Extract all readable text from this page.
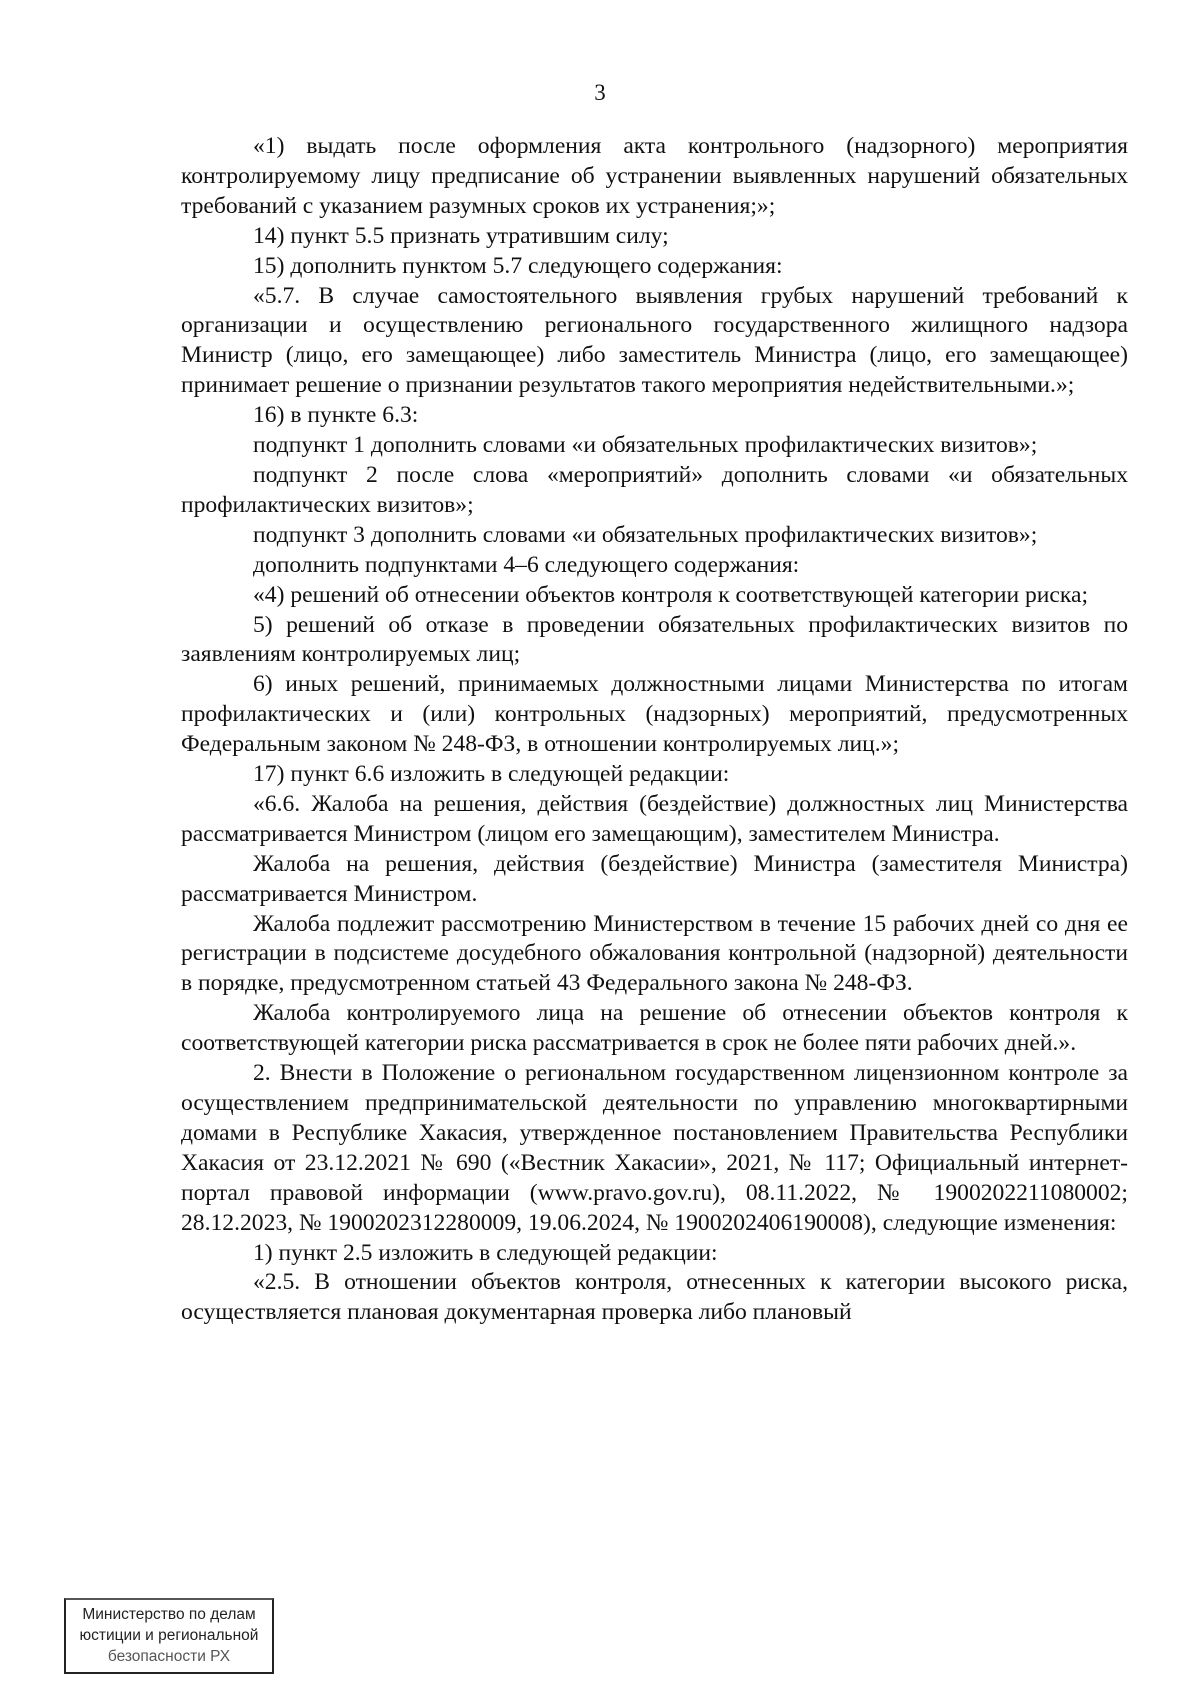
3

«1) выдать после оформления акта контрольного (надзорного) мероприятия контролируемому лицу предписание об устранении выявленных нарушений обязательных требований с указанием разумных сроков их устранения;»;

14) пункт 5.5 признать утратившим силу;

15) дополнить пунктом 5.7 следующего содержания:

«5.7. В случае самостоятельного выявления грубых нарушений требований к организации и осуществлению регионального государственного жилищного надзора Министр (лицо, его замещающее) либо заместитель Министра (лицо, его замещающее) принимает решение о признании результатов такого мероприятия недействительными.»;

16) в пункте 6.3:

подпункт 1 дополнить словами «и обязательных профилактических визитов»;

подпункт 2 после слова «мероприятий» дополнить словами «и обязательных профилактических визитов»;

подпункт 3 дополнить словами «и обязательных профилактических визитов»;

дополнить подпунктами 4–6 следующего содержания:

«4) решений об отнесении объектов контроля к соответствующей категории риска;

5) решений об отказе в проведении обязательных профилактических визитов по заявлениям контролируемых лиц;

6) иных решений, принимаемых должностными лицами Министерства по итогам профилактических и (или) контрольных (надзорных) мероприятий, предусмотренных Федеральным законом № 248-ФЗ, в отношении контролируемых лиц.»;

17) пункт 6.6 изложить в следующей редакции:

«6.6. Жалоба на решения, действия (бездействие) должностных лиц Министерства рассматривается Министром (лицом его замещающим), заместителем Министра.

Жалоба на решения, действия (бездействие) Министра (заместителя Министра) рассматривается Министром.

Жалоба подлежит рассмотрению Министерством в течение 15 рабочих дней со дня ее регистрации в подсистеме досудебного обжалования контрольной (надзорной) деятельности в порядке, предусмотренном статьей 43 Федерального закона № 248-ФЗ.

Жалоба контролируемого лица на решение об отнесении объектов контроля к соответствующей категории риска рассматривается в срок не более пяти рабочих дней.».

2. Внести в Положение о региональном государственном лицензионном контроле за осуществлением предпринимательской деятельности по управлению многоквартирными домами в Республике Хакасия, утвержденное постановлением Правительства Республики Хакасия от 23.12.2021 № 690 («Вестник Хакасии», 2021, № 117; Официальный интернет-портал правовой информации (www.pravo.gov.ru), 08.11.2022, № 1900202211080002; 28.12.2023, № 1900202312280009, 19.06.2024, № 1900202406190008), следующие изменения:

1) пункт 2.5 изложить в следующей редакции:

«2.5. В отношении объектов контроля, отнесенных к категории высокого риска, осуществляется плановая документарная проверка либо плановый

Министерство по делам
юстиции и региональной
безопасности РХ
